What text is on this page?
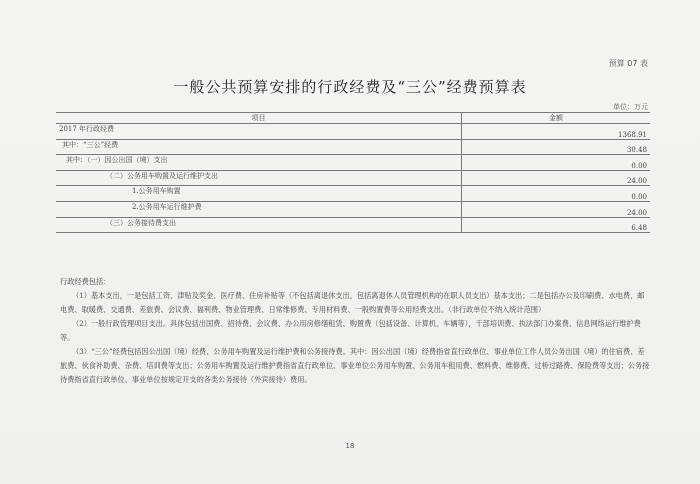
预算 07 表
一般公共预算安排的行政经费及“三公”经费预算表
单位：万元
项目	金额
2017 年行政经费	1368.91
其中：“三公”经费	30.48
其中：（一）因公出国（境）支出	0.00
（二）公务用车购置及运行维护支出	24.00
1.公务用车购置	0.00
2.公务用车运行维护费	24.00
（三）公务接待费支出	6.48

行政经费包括：

（1）基本支出，一是包括工资、津贴及奖金、医疗费、住房补贴等（不包括离退休支出，包括离退休人员管理机构的在职人员支出）基本支出；二是包括办公及印刷费、水电费、邮电费、取暖费、交通费、差旅费、会议费、福利费、物业管理费、日常维修费、专用材料费、一般购置费等公用经费支出。（非行政单位不纳入统计范围）

（2）一般行政管理项目支出。具体包括出国费、招待费、会议费、办公用房修缮租赁、购置费（包括设备、计算机、车辆等），干部培训费、执法部门办案费、信息网络运行维护费等。

（3）“三公”经费包括因公出国（境）经费、公务用车购置及运行维护费和公务接待费。其中：因公出国（境）经费指省直行政单位、事业单位工作人员公务出国（境）的住宿费、差旅费、伙食补助费、杂费、培训费等支出；公务用车购置及运行维护费指省直行政单位、事业单位公务用车购置、公务用车租用费、燃料费、维修费、过桥过路费、保险费等支出；公务接待费指省直行政单位、事业单位按规定开支的各类公务接待（外宾接待）费用。

18
